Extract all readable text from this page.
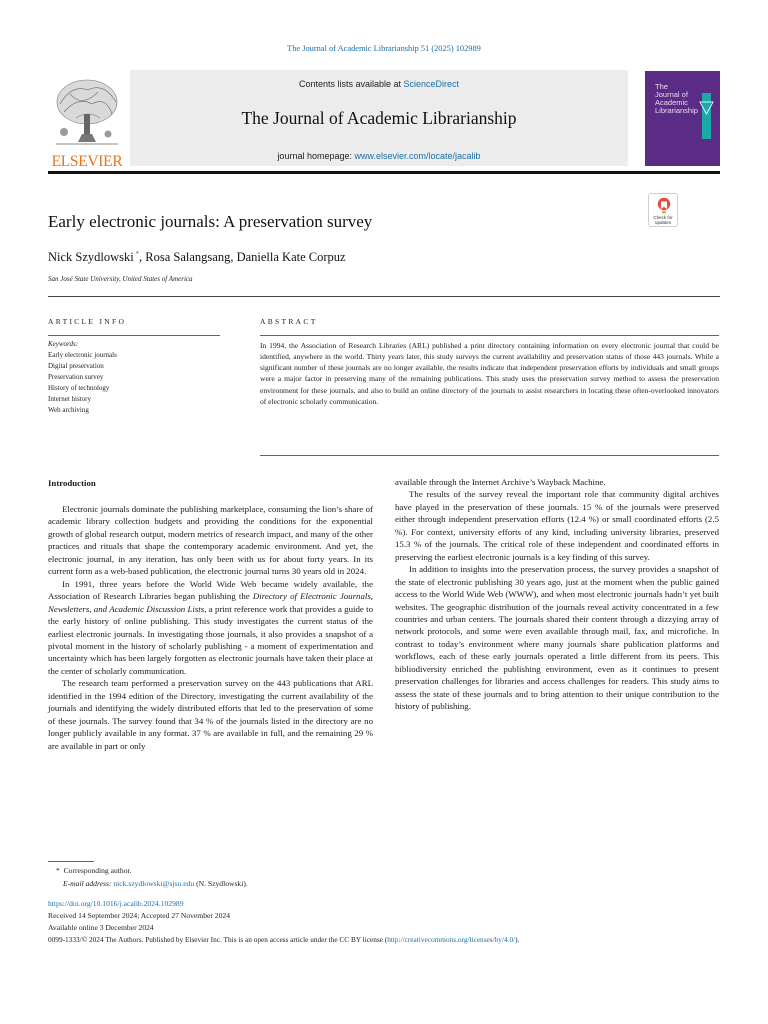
The Journal of Academic Librarianship 51 (2025) 102989
ELSEVIER
Contents lists available at ScienceDirect
The Journal of Academic Librarianship
journal homepage: www.elsevier.com/locate/jacalib
The
Journal of
Academic
Librarianship
Early electronic journals: A preservation survey	Check for
updates
Nick Szydlowski *, Rosa Salangsang, Daniella Kate Corpuz
San José State University, United States of America
ARTICLE INFO	ABSTRACT
Keywords:
Early electronic journals
Digital preservation
Preservation survey
History of technology
Internet history
Web archiving
In 1994, the Association of Research Libraries (ARL) published a print directory containing information on every electronic journal that could be identified, anywhere in the world. Thirty years later, this study surveys the current availability and preservation status of those 443 journals. While a significant number of these journals are no longer available, the results indicate that independent preservation efforts by individuals and small groups were a major factor in preserving many of the remaining publications. This study uses the preservation survey method to assess the preservation environment for these journals, and also to build an online directory of the journals to assist researchers in locating these often-overlooked innovators of electronic scholarly communication.
Introduction

Electronic journals dominate the publishing marketplace, consuming the lion’s share of academic library collection budgets and providing the conditions for the exponential growth of global research output, modern metrics of research impact, and many of the other practices and rituals that shape the contemporary academic environment. And yet, the electronic journal, in any iteration, has only been with us for about forty years. In its current form as a web-based publication, the electronic journal turns 30 years old in 2024.

In 1991, three years before the World Wide Web became widely available, the Association of Research Libraries began publishing the Directory of Electronic Journals, Newsletters, and Academic Discussion Lists, a print reference work that provides a guide to the early history of online publishing. This study investigates the current status of the earliest electronic journals. In investigating those journals, it also provides a snapshot of a pivotal moment in the history of scholarly publishing - a moment of experimentation and uncertainty which has been largely forgotten as electronic journals have taken their place at the center of scholarly communication.

The research team performed a preservation survey on the 443 publications that ARL identified in the 1994 edition of the Directory, investigating the current availability of the journals and identifying the widely distributed efforts that led to the preservation of some of these journals. The survey found that 34 % of the journals listed in the directory are no longer publicly available in any format. 37 % are available in full, and the remaining 29 % are available in part or only

available through the Internet Archive’s Wayback Machine.

The results of the survey reveal the important role that community digital archives have played in the preservation of these journals. 15 % of the journals were preserved either through independent preservation efforts (12.4 %) or small coordinated efforts (2.5 %). For context, university efforts of any kind, including university libraries, preserved 15.3 % of the journals. The critical role of these independent and coordinated efforts in preserving the earliest electronic journals is a key finding of this survey.

In addition to insights into the preservation process, the survey provides a snapshot of the state of electronic publishing 30 years ago, just at the moment when the public gained access to the World Wide Web (WWW), and when most electronic journals hadn’t yet built websites. The geographic distribution of the journals reveal activity concentrated in a few countries and urban centers. The journals shared their content through a dizzying array of network protocols, and some were even available through mail, fax, and microfiche. In contrast to today’s environment where many journals share publication platforms and workflows, each of these early journals operated a little different from its peers. This bibliodiversity enriched the publishing environment, even as it continues to present preservation challenges for libraries and access challenges for readers. This study aims to assess the state of these journals and to bring attention to their unique contribution to the history of publishing.

* Corresponding author.
E-mail address: nick.szydlowski@sjsu.edu (N. Szydlowski).
https://doi.org/10.1016/j.acalib.2024.102989
Received 14 September 2024; Accepted 27 November 2024
Available online 3 December 2024
0099-1333/© 2024 The Authors. Published by Elsevier Inc. This is an open access article under the CC BY license (http://creativecommons.org/licenses/by/4.0/).
